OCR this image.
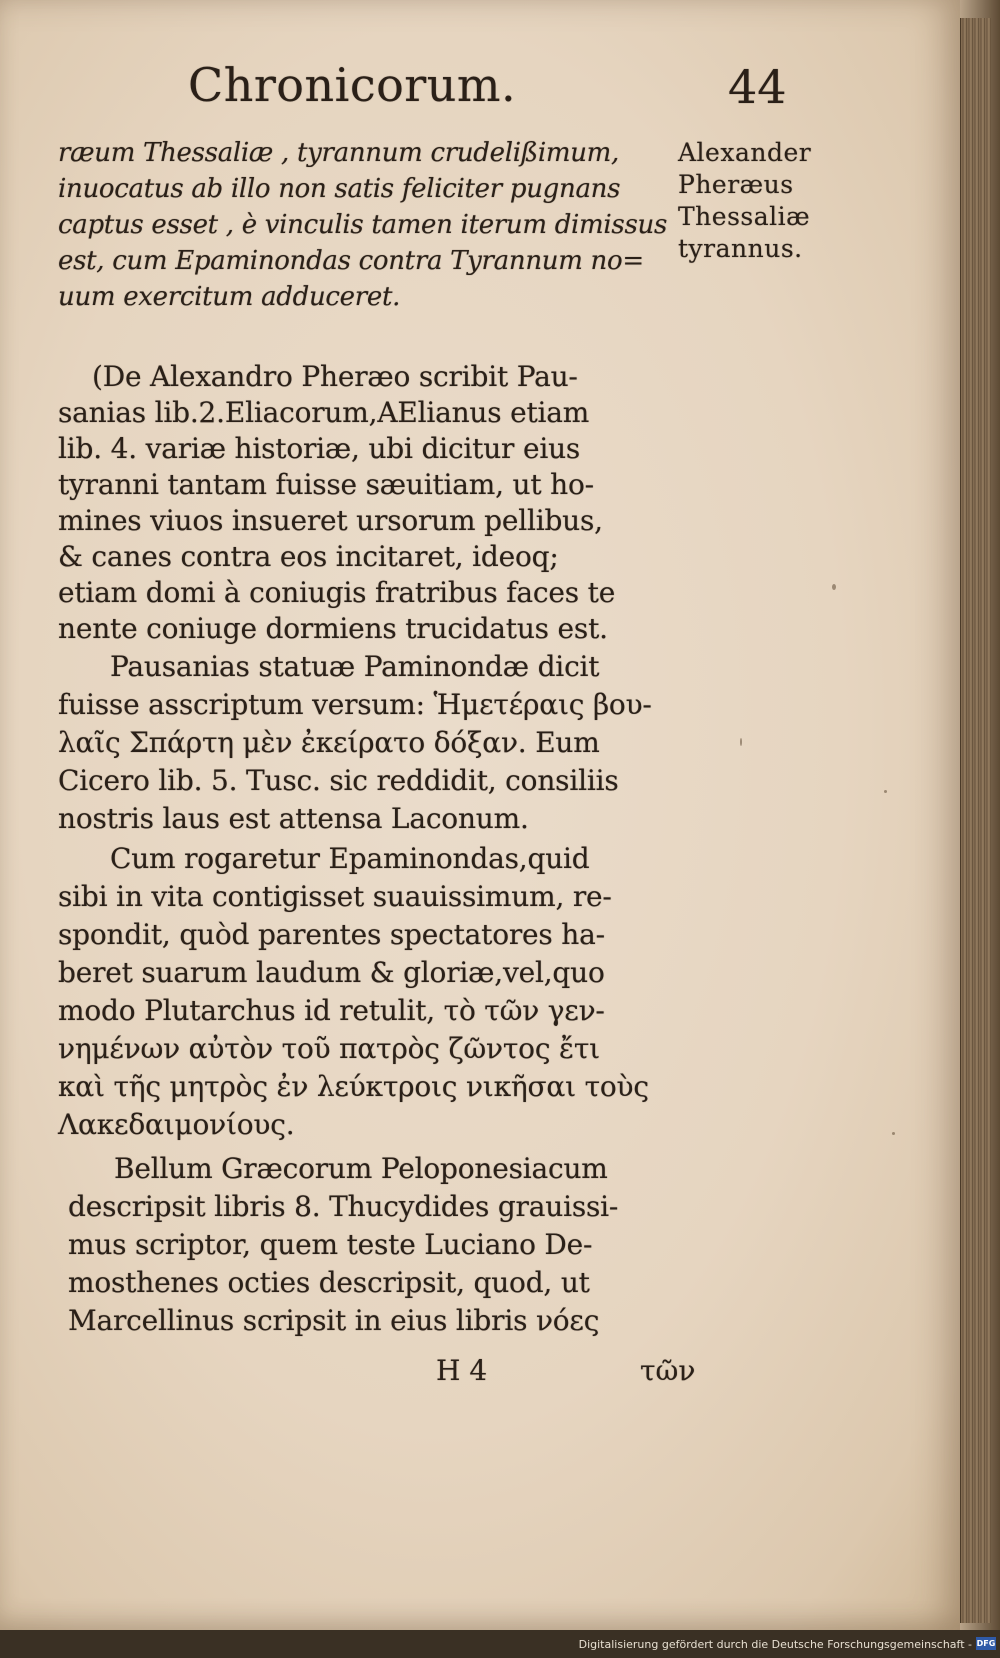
Chronicorum.	44
ræum Thessaliæ , tyrannum crudelißimum,
inuocatus ab illo non satis feliciter pugnans
captus esset , è vinculis tamen iterum dimissus
est, cum Epaminondas contra Tyrannum no=
uum exercitum adduceret.
Alexander
Pheræus
Thessaliæ
tyrannus.
(De Alexandro Pheræo scribit Pau-
sanias lib.2.Eliacorum,AElianus etiam
lib. 4. variæ historiæ, ubi dicitur eius
tyranni tantam fuisse sæuitiam, ut ho-
mines viuos insueret ursorum pellibus,
& canes contra eos incitaret, ideoq;
etiam domi à coniugis fratribus faces te
nente coniuge dormiens trucidatus est.
Pausanias statuæ Paminondæ dicit
fuisse asscriptum versum: Ἡμετέραις βου-
λαῖς Σπάρτη μὲν ἐκείρατο δόξαν. Eum
Cicero lib. 5. Tusc. sic reddidit, consiliis
nostris laus est attensa Laconum.
Cum rogaretur Epaminondas,quid
sibi in vita contigisset suauissimum, re-
spondit, quòd parentes spectatores ha-
beret suarum laudum & gloriæ,vel,quo
modo Plutarchus id retulit, τὸ τῶν γεν-
νημένων αὐτὸν τοῦ πατρὸς ζῶντος ἔτι
καὶ τῆς μητρὸς ἐν λεύκτροις νικῆσαι τοὺς
Λακεδαιμονίους.
Bellum Græcorum Peloponesiacum
descripsit libris 8. Thucydides grauissi-
mus scriptor, quem teste Luciano De-
mosthenes octies descripsit, quod, ut
Marcellinus scripsit in eius libris νόες
H 4	τῶν
Digitalisierung gefördert durch die Deutsche Forschungsgemeinschaft - DFG
